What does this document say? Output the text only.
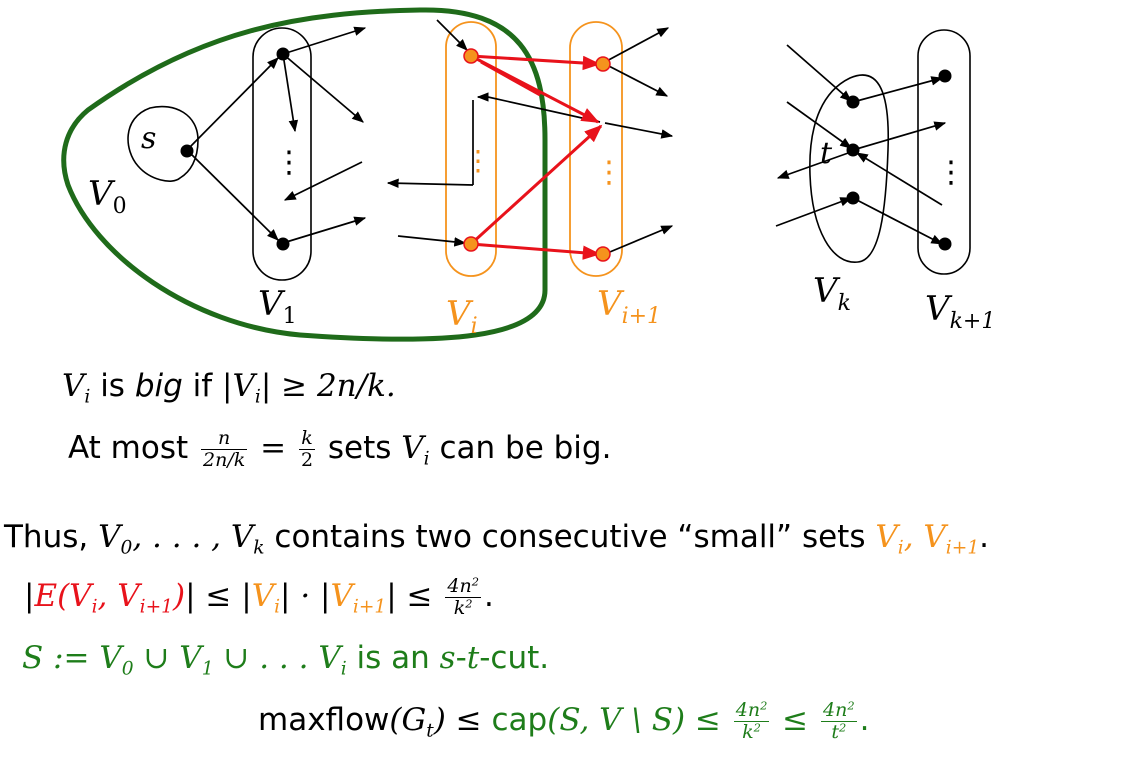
⋮	⋮	⋮	⋮
s	t
$V_0$
$V_1$	$V_i$
$V_{i+1}$
$V_k$ $V_{k+1}$
$V_i$ is big if $|V_i| \ge 2n/k$.
At most $\frac{n}{2n/k} = \frac{k}{2}$ sets $V_i$ can be big.
Thus, $V_0$, . . . , $V_k$ contains two consecutive “small” sets $V_i$, $V_{i+1}$.
$|E(V_i$, $V_{i+1})| \le |V_i| \cdot |V_{i+1}| \le \frac{4n^2}{k^2}$ .
S := $V_0$ ∪ $V_1$ ∪ . . . $V_i$ is an s-t-cut.
$maxflow(G_t) \le cap(S$, V \ $S) \le \frac{4n^2}{k^2} \le \frac{4n^2}{t^2}$ .
